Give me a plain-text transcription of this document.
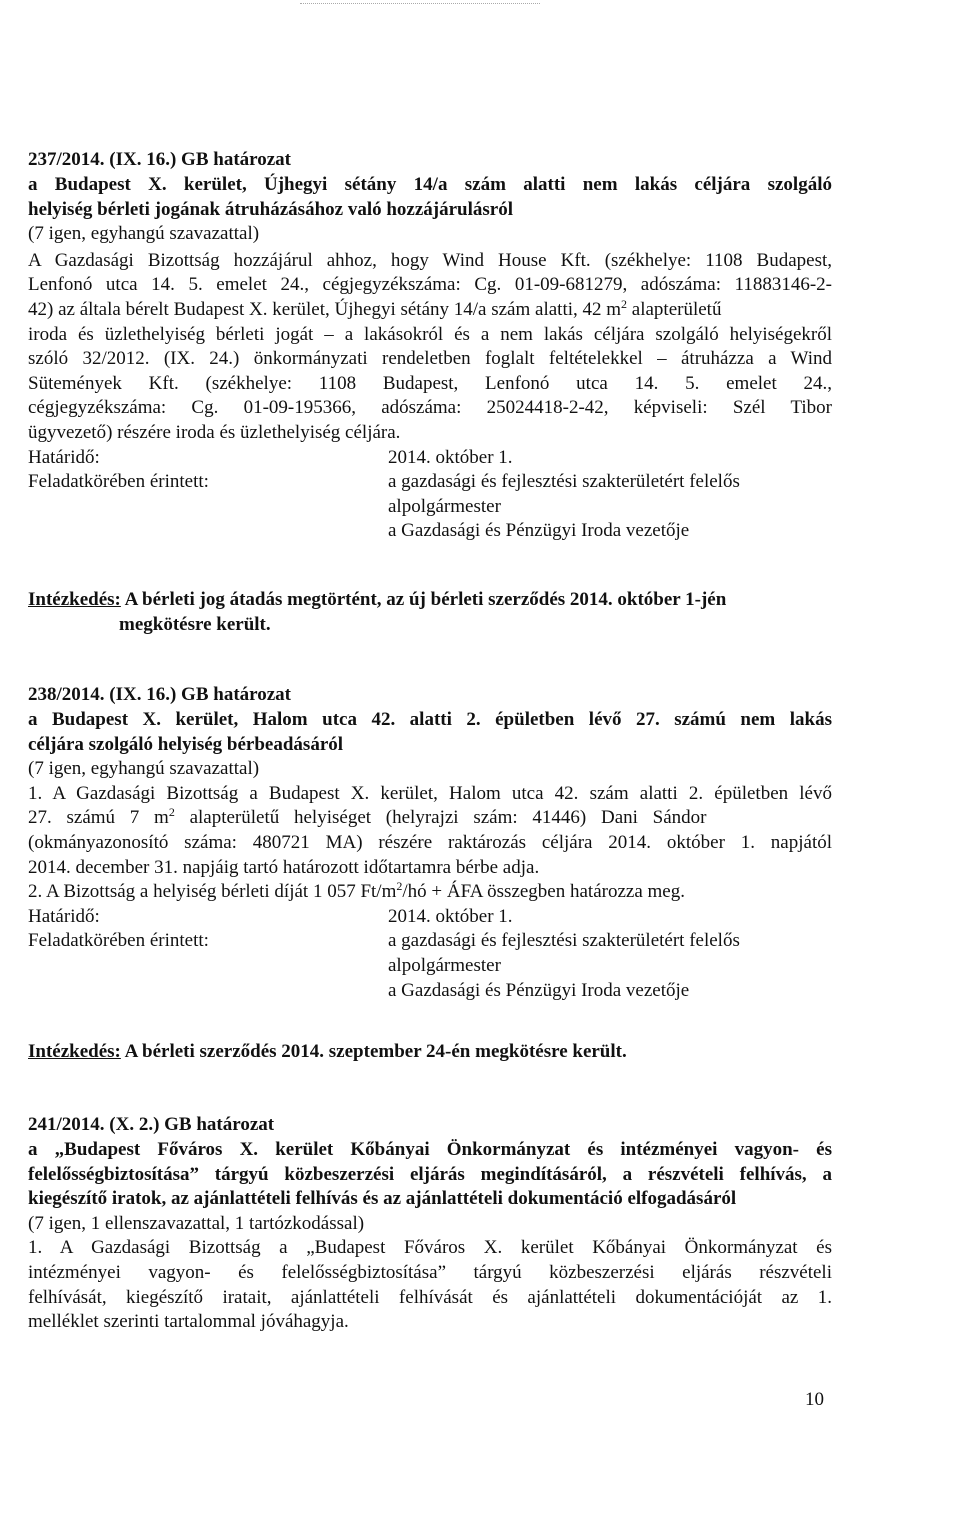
237/2014. (IX. 16.) GB határozat
a Budapest X. kerület, Újhegyi sétány 14/a szám alatti nem lakás céljára szolgáló
helyiség bérleti jogának átruházásához való hozzájárulásról
(7 igen, egyhangú szavazattal)
A Gazdasági Bizottság hozzájárul ahhoz, hogy Wind House Kft. (székhelye: 1108 Budapest,
Lenfonó utca 14. 5. emelet 24., cégjegyzékszáma: Cg. 01-09-681279, adószáma: 11883146-2-
42) az általa bérelt Budapest X. kerület, Újhegyi sétány 14/a szám alatti, 42 $m^2$ alapterületű
iroda és üzlethelyiség bérleti jogát – a lakásokról és a nem lakás céljára szolgáló helyiségekről
szóló 32/2012. (IX. 24.) önkormányzati rendeletben foglalt feltételekkel – átruházza a Wind
Sütemények Kft. (székhelye: 1108 Budapest, Lenfonó utca 14. 5. emelet 24.,
cégjegyzékszáma: Cg. 01-09-195366, adószáma: 25024418-2-42, képviseli: Szél Tibor
ügyvezető) részére iroda és üzlethelyiség céljára.
Határidő:	2014. október 1.
Feladatkörében érintett:	a gazdasági és fejlesztési szakterületért felelős
alpolgármester
a Gazdasági és Pénzügyi Iroda vezetője
Intézkedés: A bérleti jog átadás megtörtént, az új bérleti szerződés 2014. október 1-jén
megkötésre került.
238/2014. (IX. 16.) GB határozat
a Budapest X. kerület, Halom utca 42. alatti 2. épületben lévő 27. számú nem lakás
céljára szolgáló helyiség bérbeadásáról
(7 igen, egyhangú szavazattal)
1. A Gazdasági Bizottság a Budapest X. kerület, Halom utca 42. szám alatti 2. épületben lévő
27. számú 7 $m^2$ alapterületű helyiséget (helyrajzi szám: 41446) Dani Sándor
(okmányazonosító száma: 480721 MA) részére raktározás céljára 2014. október 1. napjától
2014. december 31. napjáig tartó határozott időtartamra bérbe adja.
2. A Bizottság a helyiség bérleti díját 1 057 $Ft/m^2/hó$ + ÁFA összegben határozza meg.
Határidő:	2014. október 1.
Feladatkörében érintett:	a gazdasági és fejlesztési szakterületért felelős
alpolgármester
a Gazdasági és Pénzügyi Iroda vezetője
Intézkedés: A bérleti szerződés 2014. szeptember 24-én megkötésre került.
241/2014. (X. 2.) GB határozat
a „Budapest Főváros X. kerület Kőbányai Önkormányzat és intézményei vagyon- és
felelősségbiztosítása” tárgyú közbeszerzési eljárás megindításáról, a részvételi felhívás, a
kiegészítő iratok, az ajánlattételi felhívás és az ajánlattételi dokumentáció elfogadásáról
(7 igen, 1 ellenszavazattal, 1 tartózkodással)
1. A Gazdasági Bizottság a „Budapest Főváros X. kerület Kőbányai Önkormányzat és
intézményei vagyon- és felelősségbiztosítása” tárgyú közbeszerzési eljárás részvételi
felhívását, kiegészítő iratait, ajánlattételi felhívását és ajánlattételi dokumentációját az 1.
melléklet szerinti tartalommal jóváhagyja.
10
